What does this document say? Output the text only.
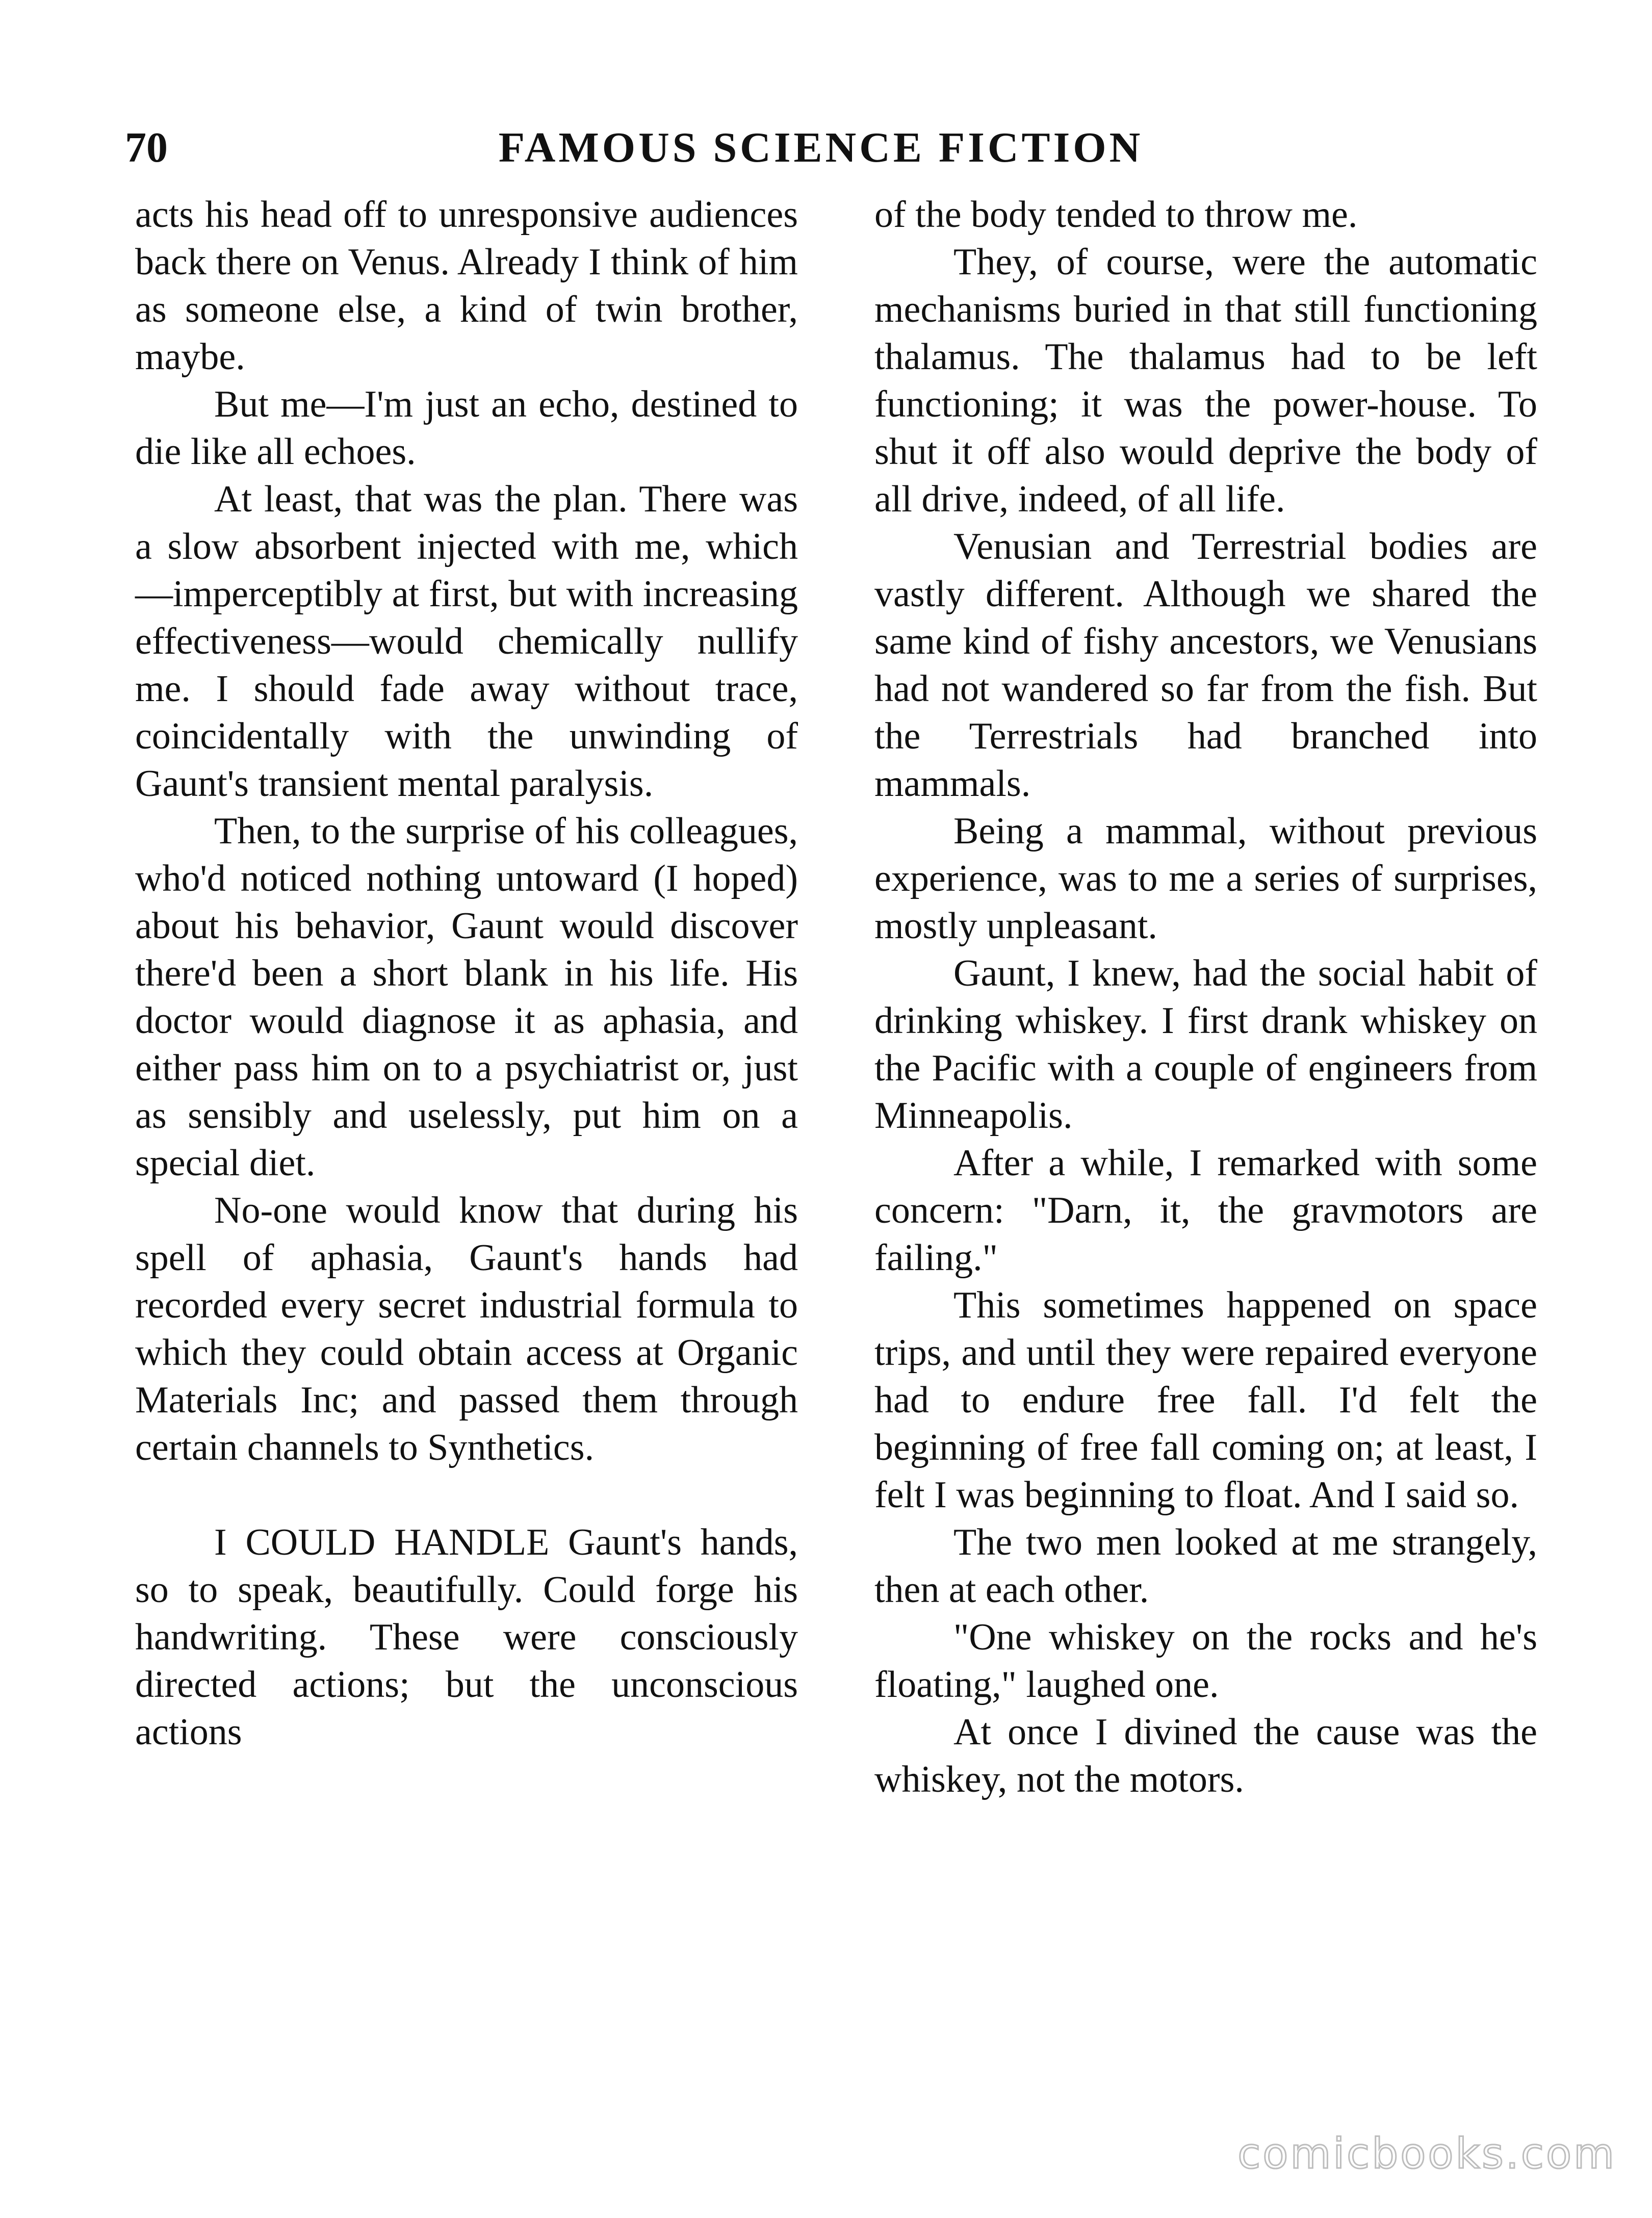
70	FAMOUS SCIENCE FICTION

acts his head off to unresponsive audiences back there on Venus. Already I think of him as someone else, a kind of twin brother, maybe.

But me—I'm just an echo, destined to die like all echoes.

At least, that was the plan. There was a slow absorbent injected with me, which—imperceptibly at first, but with increasing effectiveness—would chemically nullify me. I should fade away without trace, coincidentally with the unwinding of Gaunt's transient mental paralysis.

Then, to the surprise of his colleagues, who'd noticed nothing untoward (I hoped) about his behavior, Gaunt would discover there'd been a short blank in his life. His doctor would diagnose it as aphasia, and either pass him on to a psychiatrist or, just as sensibly and uselessly, put him on a special diet.

No-one would know that during his spell of aphasia, Gaunt's hands had recorded every secret industrial formula to which they could obtain access at Organic Materials Inc; and passed them through certain channels to Synthetics.

I COULD HANDLE Gaunt's hands, so to speak, beautifully. Could forge his handwriting. These were consciously directed actions; but the unconscious actions

of the body tended to throw me.

They, of course, were the automatic mechanisms buried in that still functioning thalamus. The thalamus had to be left functioning; it was the power-house. To shut it off also would deprive the body of all drive, indeed, of all life.

Venusian and Terrestrial bodies are vastly different. Although we shared the same kind of fishy ancestors, we Venusians had not wandered so far from the fish. But the Terrestrials had branched into mammals.

Being a mammal, without previous experience, was to me a series of surprises, mostly unpleasant.

Gaunt, I knew, had the social habit of drinking whiskey. I first drank whiskey on the Pacific with a couple of engineers from Minneapolis.

After a while, I remarked with some concern: "Darn, it, the gravmotors are failing."

This sometimes happened on space trips, and until they were repaired everyone had to endure free fall. I'd felt the beginning of free fall coming on; at least, I felt I was beginning to float. And I said so.

The two men looked at me strangely, then at each other.

"One whiskey on the rocks and he's floating," laughed one.

At once I divined the cause was the whiskey, not the motors.

comicbooks.com
